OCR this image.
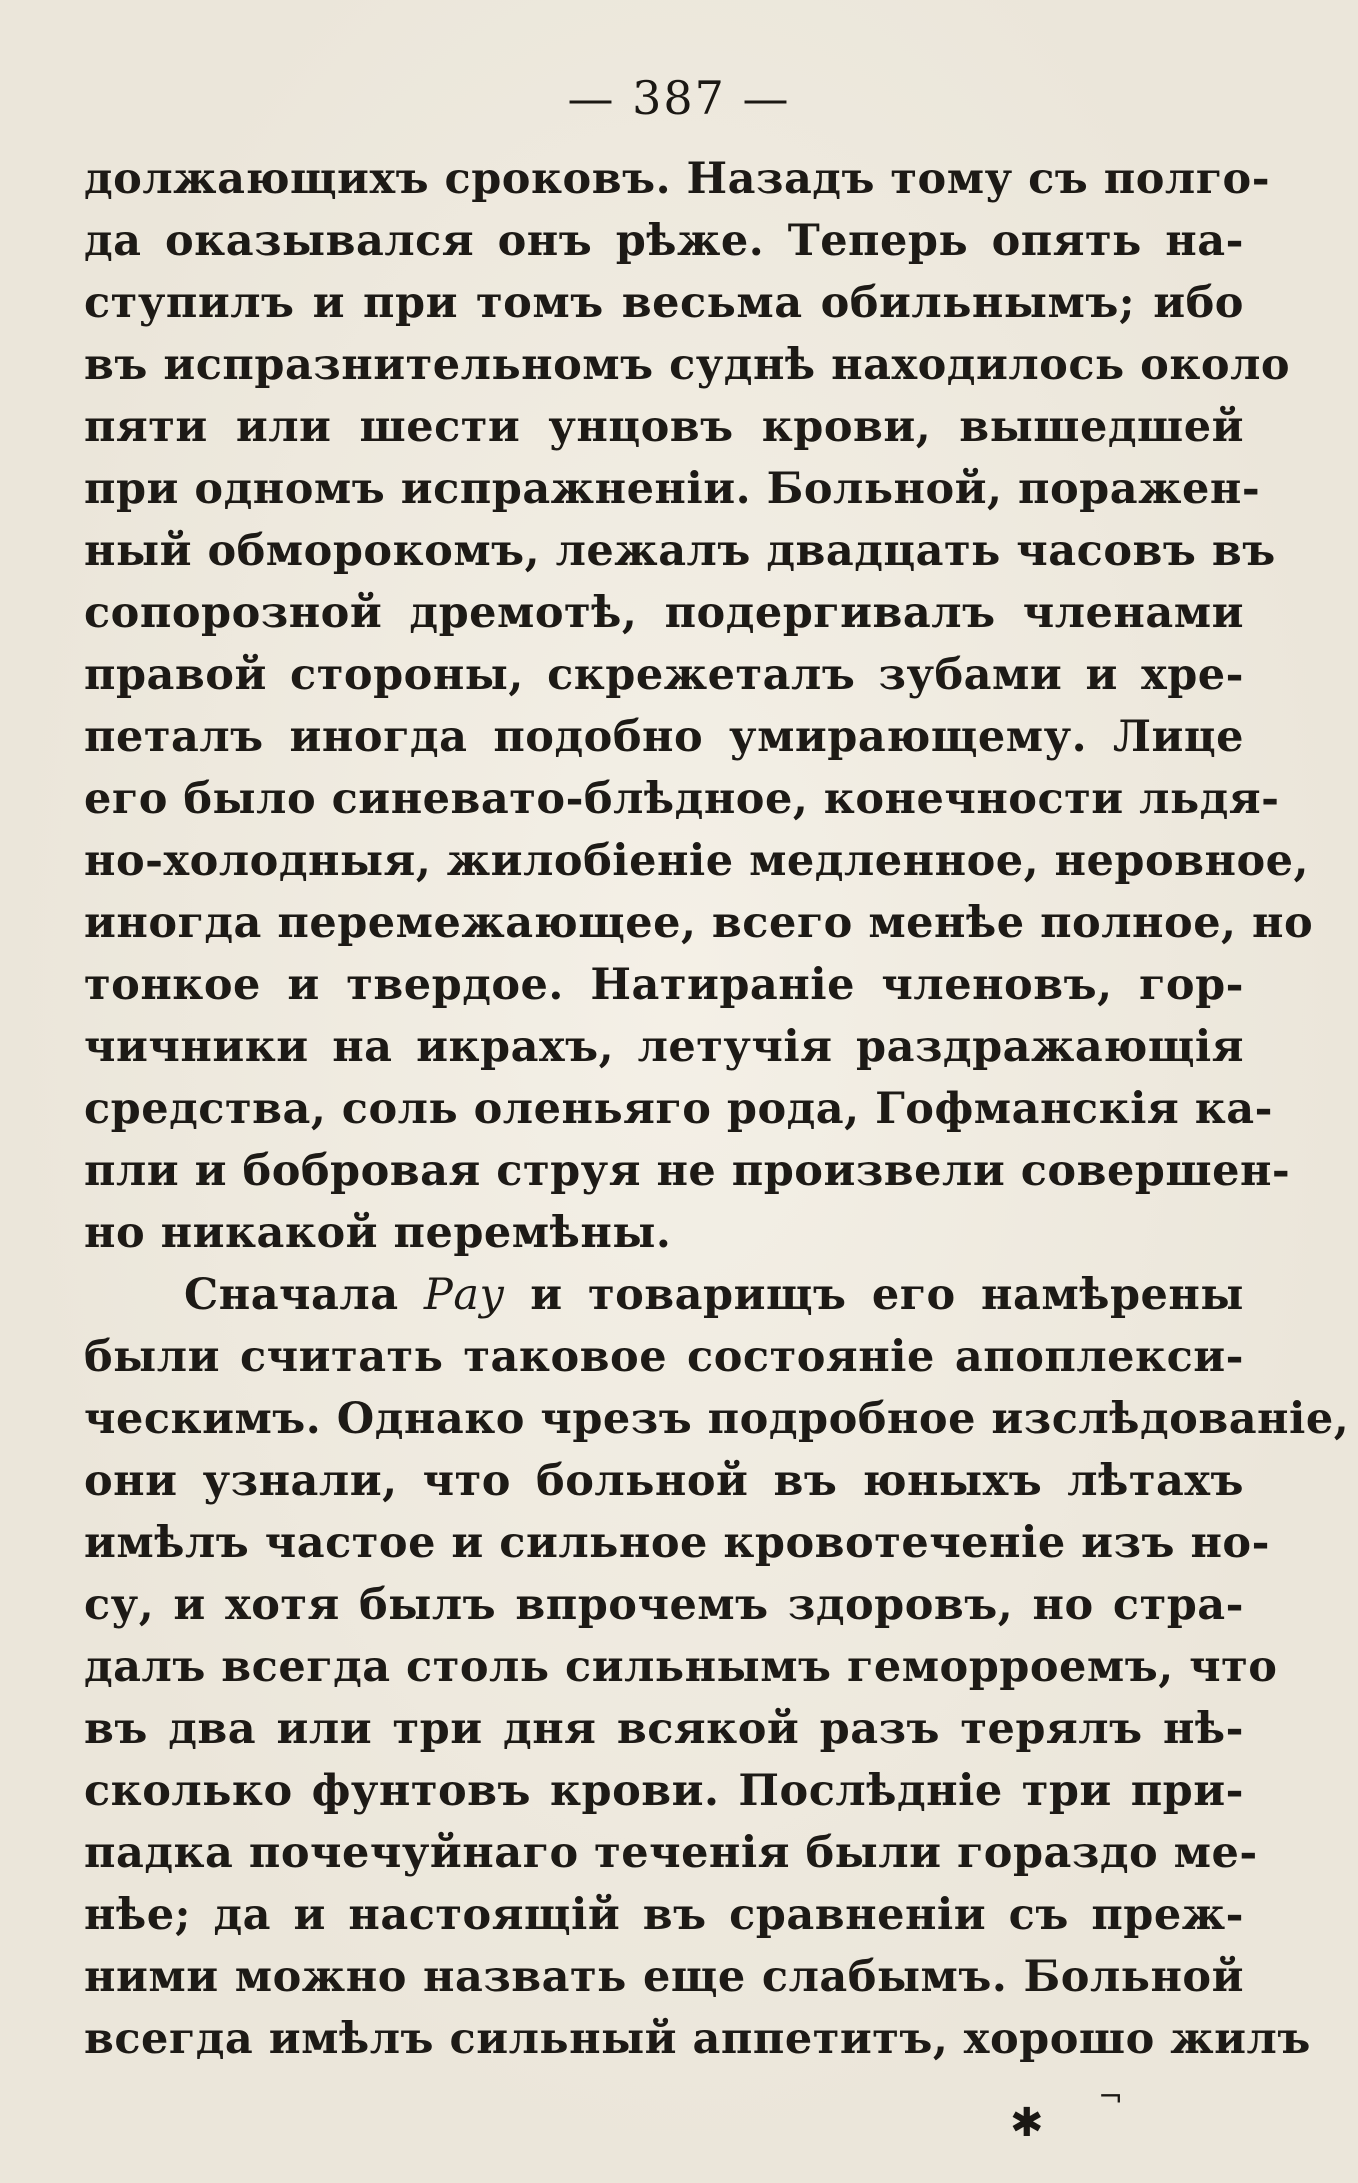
— 387 —
должающихъ сроковъ. Назадъ тому съ полго-
да оказывался онъ рѣже. Теперь опять на-
ступилъ и при томъ весьма обильнымъ; ибо
въ испразнительномъ суднѣ находилось около
пяти или шести унцовъ крови, вышедшей
при одномъ испражненіи. Больной, поражен-
ный обморокомъ, лежалъ двадцать часовъ въ
сопорозной дремотѣ, подергивалъ членами
правой стороны, скрежеталъ зубами и хре-
петалъ иногда подобно умирающему. Лице
его было синевато-блѣдное, конечности льдя-
но-холодныя, жилобіеніе медленное, неровное,
иногда перемежающее, всего менѣе полное, но
тонкое и твердое. Натираніе членовъ, гор-
чичники на икрахъ, летучія раздражающія
средства, соль оленьяго рода, Гофманскія ка-
пли и бобровая струя не произвели совершен-
но никакой перемѣны.
Сначала Рау и товарищъ его намѣрены
были считать таковое состояніе апоплекси-
ческимъ. Однако чрезъ подробное изслѣдованіе,
они узнали, что больной въ юныхъ лѣтахъ
имѣлъ частое и сильное кровотеченіе изъ но-
су, и хотя былъ впрочемъ здоровъ, но стра-
далъ всегда столь сильнымъ геморроемъ, что
въ два или три дня всякой разъ терялъ нѣ-
сколько фунтовъ крови. Послѣдніе три при-
падка почечуйнаго теченія были гораздо ме-
нѣе; да и настоящій въ сравненіи съ преж-
ними можно назвать еще слабымъ. Больной
всегда имѣлъ сильный аппетитъ, хорошо жилъ
✱
¬
